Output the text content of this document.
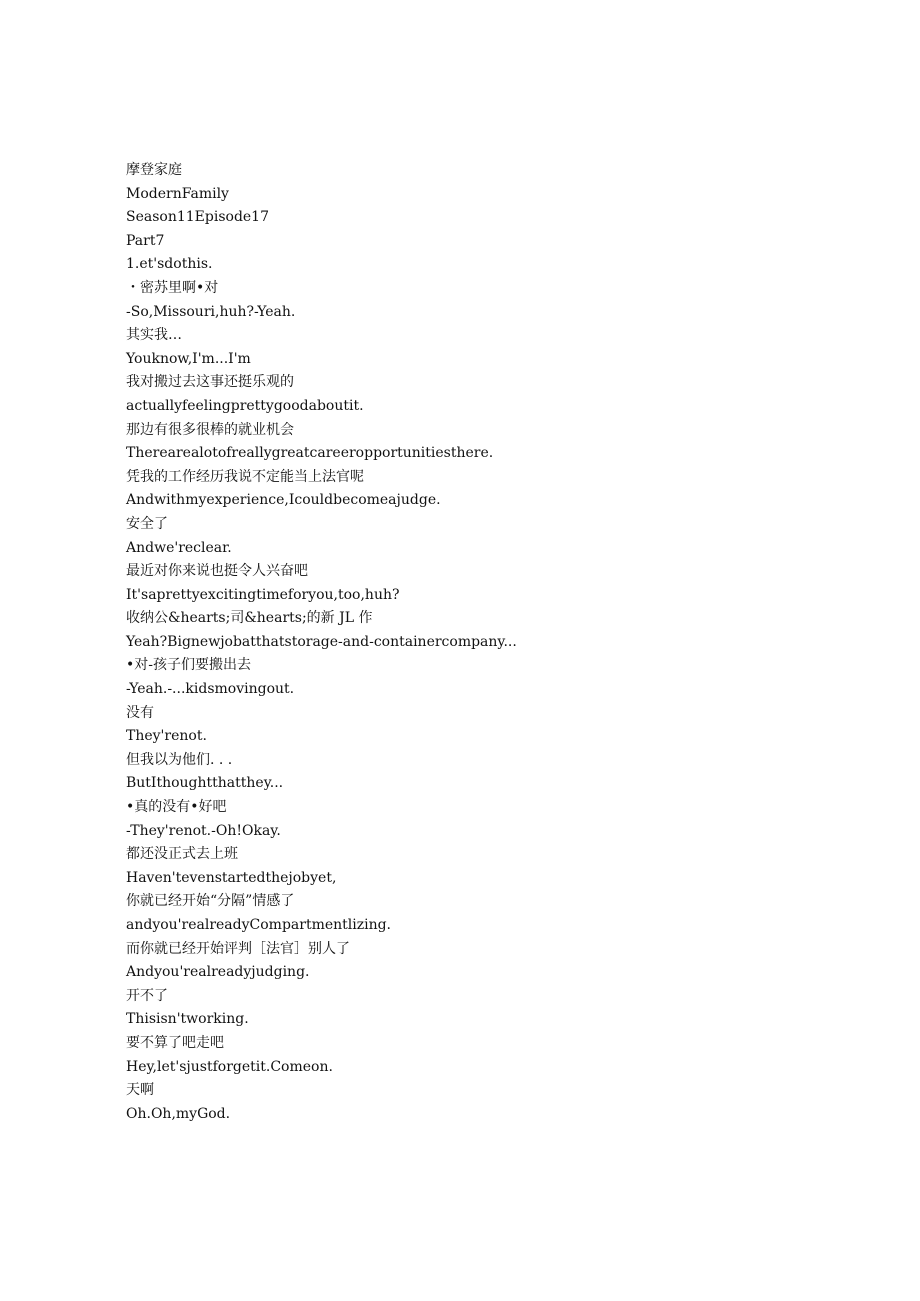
摩登家庭
ModernFamily
Season11Episode17
Part7
1.et'sdothis.
・密苏里啊•对
-So,Missouri,huh?-Yeah.
其实我…
Youknow,I'm...I'm
我对搬过去这事还挺乐观的
actuallyfeelingprettygoodaboutit.
那边有很多很棒的就业机会
Therearealotofreallygreatcareeropportunitiesthere.
凭我的工作经历我说不定能当上法官呢
Andwithmyexperience,Icouldbecomeajudge.
安全了
Andwe'reclear.
最近对你来说也挺令人兴奋吧
It'saprettyexcitingtimeforyou,too,huh?
收纳公&hearts;司&hearts;的新 JL 作
Yeah?Bignewjobatthatstorage-and-containercompany...
•对-孩子们要搬出去
-Yeah.-...kidsmovingout.
没有
They'renot.
但我以为他们. . .
ButIthoughtthatthey...
•真的没有•好吧
-They'renot.-Oh!Okay.
都还没正式去上班
Haven'tevenstartedthejobyet,
你就已经开始“分隔”情感了
andyou'realreadyCompartmentlizing.
而你就已经开始评判［法官］别人了
Andyou'realreadyjudging.
开不了
Thisisn'tworking.
要不算了吧走吧
Hey,let'sjustforgetit.Comeon.
天啊
Oh.Oh,myGod.
